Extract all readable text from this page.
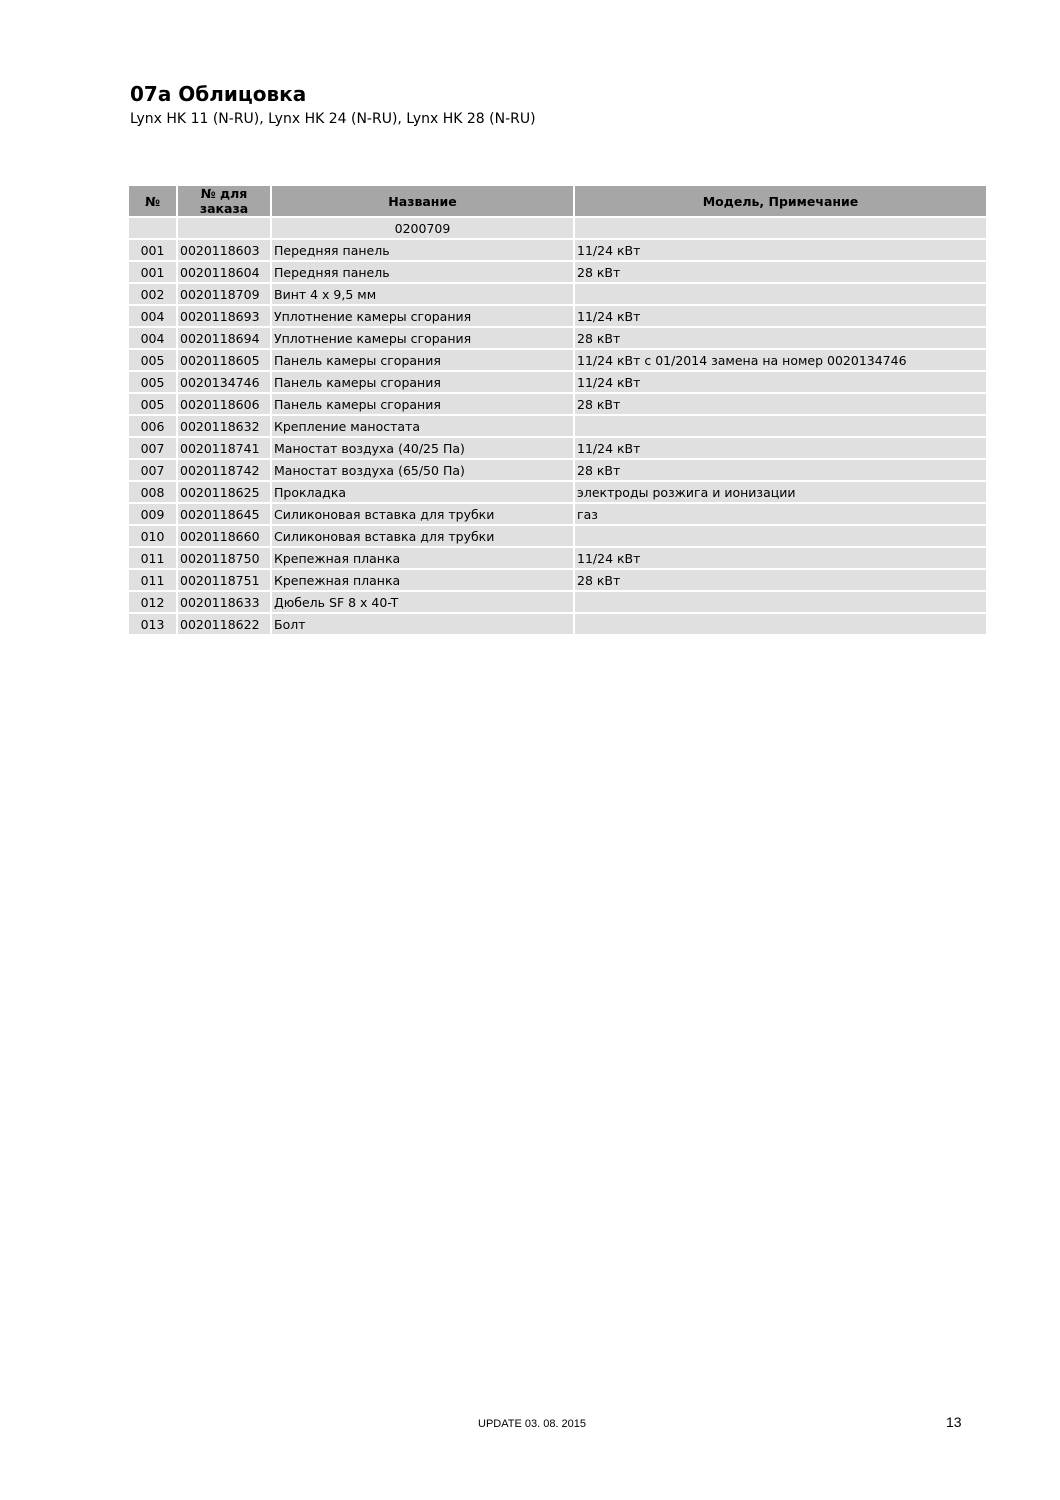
07a Облицовка
Lynx HK 11 (N-RU), Lynx HK 24 (N-RU), Lynx HK 28 (N-RU)
№	№ для заказа	Название	Модель, Примечание
		0200709	
001	0020118603	Передняя панель	11/24 кВт
001	0020118604	Передняя панель	28 кВт
002	0020118709	Винт 4 x 9,5 мм	
004	0020118693	Уплотнение камеры сгорания	11/24 кВт
004	0020118694	Уплотнение камеры сгорания	28 кВт
005	0020118605	Панель камеры сгорания	11/24 кВт c 01/2014 замена на номер 0020134746
005	0020134746	Панель камеры сгорания	11/24 кВт
005	0020118606	Панель камеры сгорания	28 кВт
006	0020118632	Крепление маностата	
007	0020118741	Маностат воздуха (40/25 Па)	11/24 кВт
007	0020118742	Маностат воздуха (65/50 Па)	28 кВт
008	0020118625	Прокладка	электроды розжига и ионизации
009	0020118645	Силиконовая вставка для трубки	газ
010	0020118660	Силиконовая вставка для трубки	
011	0020118750	Крепежная планка	11/24 кВт
011	0020118751	Крепежная планка	28 кВт
012	0020118633	Дюбель SF 8 x 40-T	
013	0020118622	Болт	
UPDATE 03. 08. 2015	13
